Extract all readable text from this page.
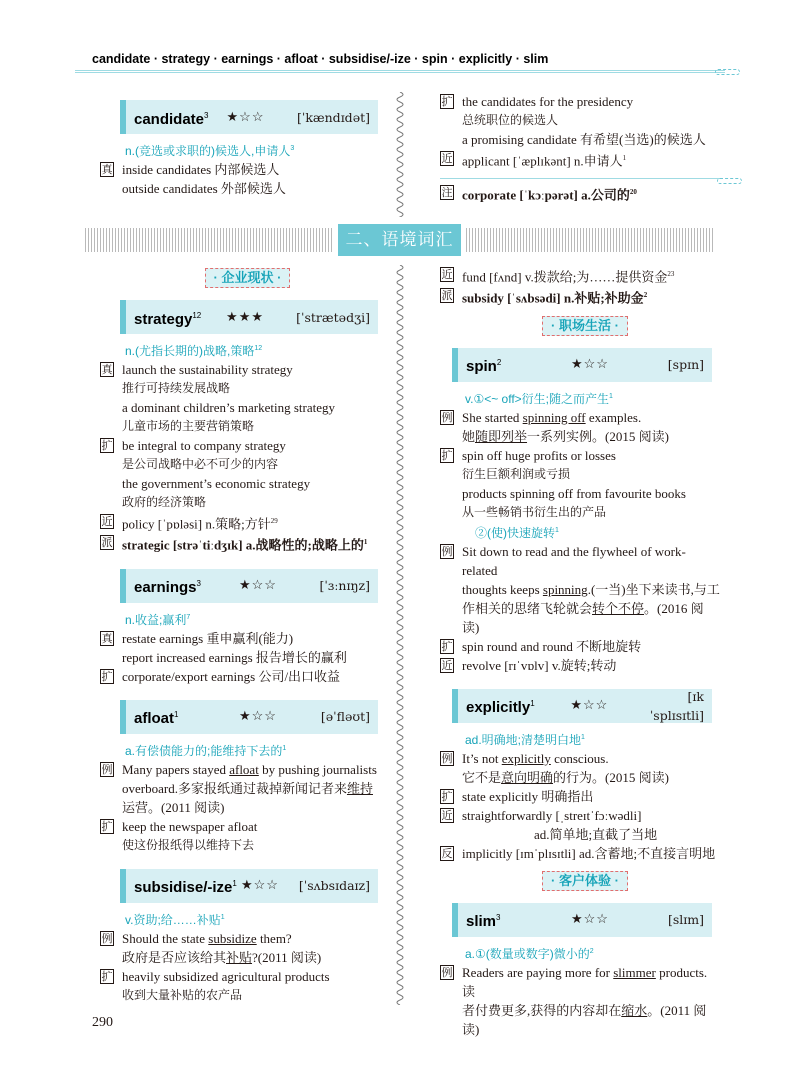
candidate · strategy · earnings · afloat · subsidise/-ize · spin · explicitly · slim
二、语境词汇
candidate$^3$	★☆☆	[ˈkændɪdət]
n.(竞选或求职的)候选人,申请人$^3$
真 inside candidates 内部候选人
outside candidates 外部候选人
扩 the candidates for the presidency
总统职位的候选人
a promising candidate 有希望(当选)的候选人
近 applicant [ˈæplɪkənt] n.申请人$^1$
注 corporate [ˈkɔːpərət] a.公司的$^{20}$
· 企业现状 ·
strategy$^{12}$	★★★	[ˈstrætədʒi]
n.(尤指长期的)战略,策略$^{12}$
真 launch the sustainability strategy
推行可持续发展战略
a dominant children’s marketing strategy
儿童市场的主要营销策略
扩 be integral to company strategy
是公司战略中必不可少的内容
the government’s economic strategy
政府的经济策略
近 policy [ˈpɒləsi] n.策略;方针$^{29}$
派 strategic [strəˈtiːdʒɪk] a.战略性的;战略上的$^1$
earnings$^3$	★☆☆	[ˈɜːnɪŋz]
n.收益;赢利$^7$
真 restate earnings 重申赢利(能力)
report increased earnings 报告增长的赢利
扩 corporate/export earnings 公司/出口收益
afloat$^1$	★☆☆	[əˈfləʊt]
a.有偿债能力的;能维持下去的$^1$
例 Many papers stayed afloat by pushing journalists
overboard.多家报纸通过裁掉新闻记者来维持
运营。(2011 阅读)
扩 keep the newspaper afloat
使这份报纸得以维持下去
subsidise/-ize$^1$ ★☆☆	[ˈsʌbsɪdaɪz]
v.资助;给……补贴$^1$
例 Should the state subsidize them?
政府是否应该给其补贴?(2011 阅读)
扩 heavily subsidized agricultural products
收到大量补贴的农产品
近 fund [fʌnd] v.拨款给;为……提供资金$^{23}$
派 subsidy [ˈsʌbsədi] n.补贴;补助金$^2$
· 职场生活 ·
spin$^2$	★☆☆	[spɪn]
v.①<~ off>衍生;随之而产生$^1$
例 She started spinning off examples.
她随即列举一系列实例。(2015 阅读)
扩 spin off huge profits or losses
衍生巨额利润或亏损
products spinning off from favourite books
从一些畅销书衍生出的产品
②(使)快速旋转$^1$
例 Sit down to read and the flywheel of work-related
thoughts keeps spinning.(一当)坐下来读书,与工
作相关的思绪飞轮就会转个不停。(2016 阅读)
扩 spin round and round 不断地旋转
近 revolve [rɪˈvɒlv] v.旋转;转动
explicitly$^1$	★☆☆
[ɪkˈsplɪsɪtli]
ad.明确地;清楚明白地$^1$
例 It’s not explicitly conscious.
它不是意向明确的行为。(2015 阅读)
扩 state explicitly 明确指出
近 straightforwardly [ˌstreɪtˈfɔːwədli]
ad.简单地;直截了当地
反 implicitly [ɪmˈplɪsɪtli] ad.含蓄地;不直接言明地
· 客户体验 ·
slim$^3$	★☆☆	[slɪm]
a.①(数量或数字)微小的$^2$
例 Readers are paying more for slimmer products.读
者付费更多,获得的内容却在缩水。(2011 阅读)
290
